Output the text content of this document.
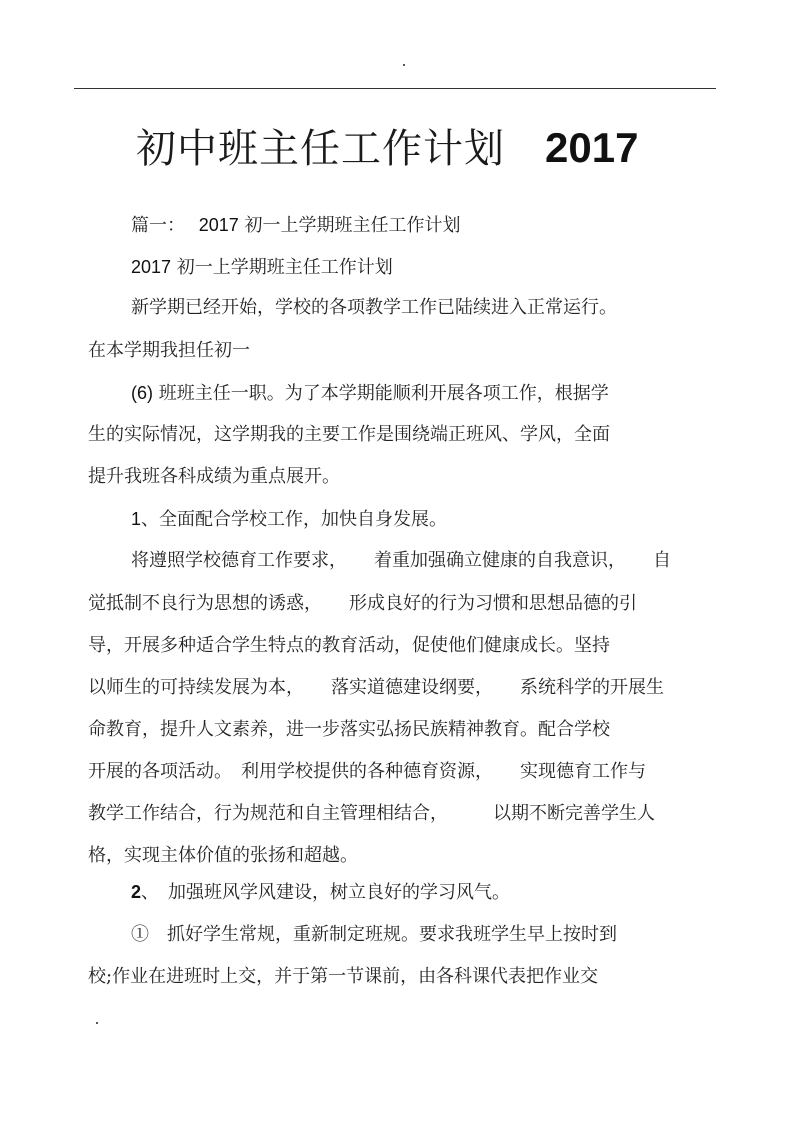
初中班主任工作计划 2017
篇一： 2017 初一上学期班主任工作计划
2017 初一上学期班主任工作计划
新学期已经开始，学校的各项教学工作已陆续进入正常运行。
在本学期我担任初一
(6) 班班主任一职。为了本学期能顺利开展各项工作，根据学
生的实际情况，这学期我的主要工作是围绕端正班风、学风，全面
提升我班各科成绩为重点展开。
1、全面配合学校工作，加快自身发展。
将遵照学校德育工作要求，　　着重加强确立健康的自我意识，　　自
觉抵制不良行为思想的诱惑，　　形成良好的行为习惯和思想品德的引
导，开展多种适合学生特点的教育活动，促使他们健康成长。坚持
以师生的可持续发展为本，　　落实道德建设纲要，　　系统科学的开展生
命教育，提升人文素养，进一步落实弘扬民族精神教育。配合学校
开展的各项活动。　利用学校提供的各种德育资源，　　实现德育工作与
教学工作结合，行为规范和自主管理相结合，　　　以期不断完善学生人
格，实现主体价值的张扬和超越。
2、　加强班风学风建设，树立良好的学习风气。
①　抓好学生常规，重新制定班规。要求我班学生早上按时到
校;作业在进班时上交，并于第一节课前，由各科课代表把作业交
